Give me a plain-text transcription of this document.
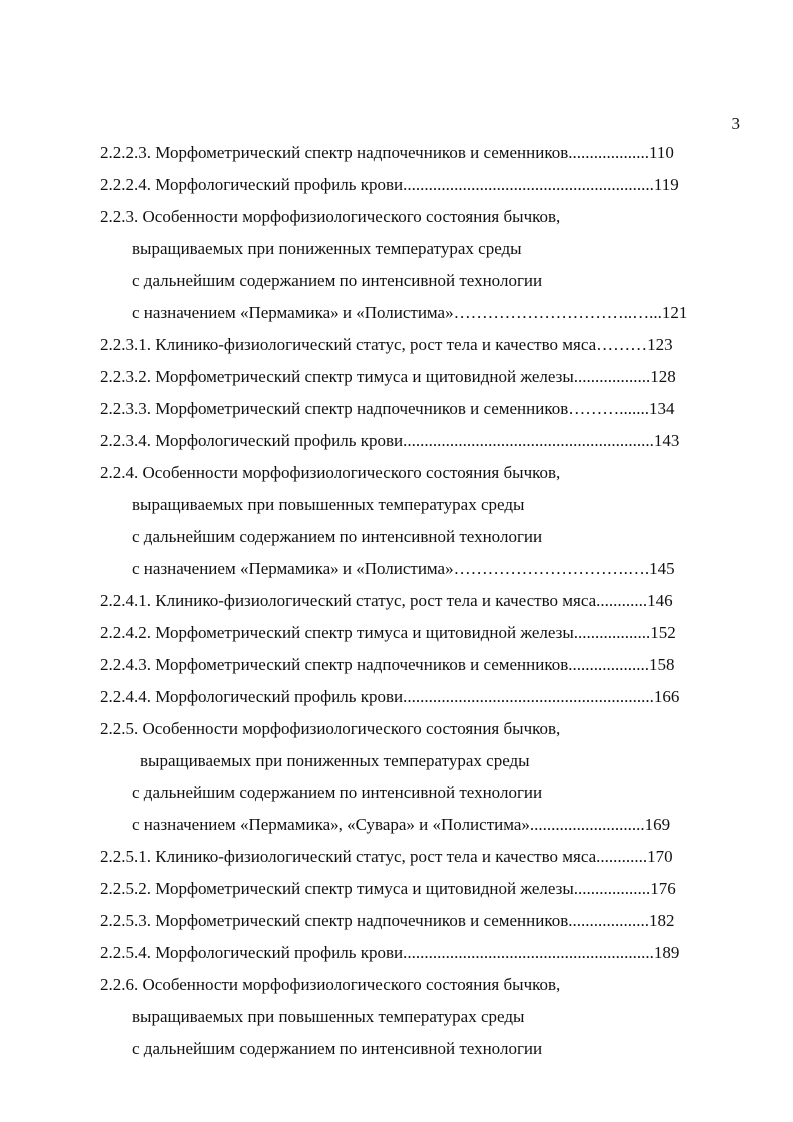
3
2.2.2.3. Морфометрический спектр надпочечников и семенников...................110
2.2.2.4. Морфологический профиль крови...........................................................119
2.2.3. Особенности морфофизиологического состояния бычков,
выращиваемых при пониженных температурах среды
с дальнейшим содержанием по интенсивной технологии
с назначением «Пермамика» и «Полистима»…………………………..…...121
2.2.3.1. Клинико-физиологический статус, рост тела и качество мяса………123
2.2.3.2. Морфометрический спектр тимуса и щитовидной железы..................128
2.2.3.3. Морфометрический спектр надпочечников и семенников……….......134
2.2.3.4. Морфологический профиль крови...........................................................143
2.2.4. Особенности морфофизиологического состояния бычков,
выращиваемых при повышенных температурах среды
с дальнейшим содержанием по интенсивной технологии
с назначением «Пермамика» и «Полистима»………………………….….145
2.2.4.1. Клинико-физиологический статус, рост тела и качество мяса............146
2.2.4.2. Морфометрический спектр тимуса и щитовидной железы..................152
2.2.4.3. Морфометрический спектр надпочечников и семенников...................158
2.2.4.4. Морфологический профиль крови...........................................................166
2.2.5. Особенности морфофизиологического состояния бычков,
выращиваемых при пониженных температурах среды
с дальнейшим содержанием по интенсивной технологии
с назначением «Пермамика», «Сувара» и «Полистима»...........................169
2.2.5.1. Клинико-физиологический статус, рост тела и качество мяса............170
2.2.5.2. Морфометрический спектр тимуса и щитовидной железы..................176
2.2.5.3. Морфометрический спектр надпочечников и семенников...................182
2.2.5.4. Морфологический профиль крови...........................................................189
2.2.6. Особенности морфофизиологического состояния бычков,
выращиваемых при повышенных температурах среды
с дальнейшим содержанием по интенсивной технологии
